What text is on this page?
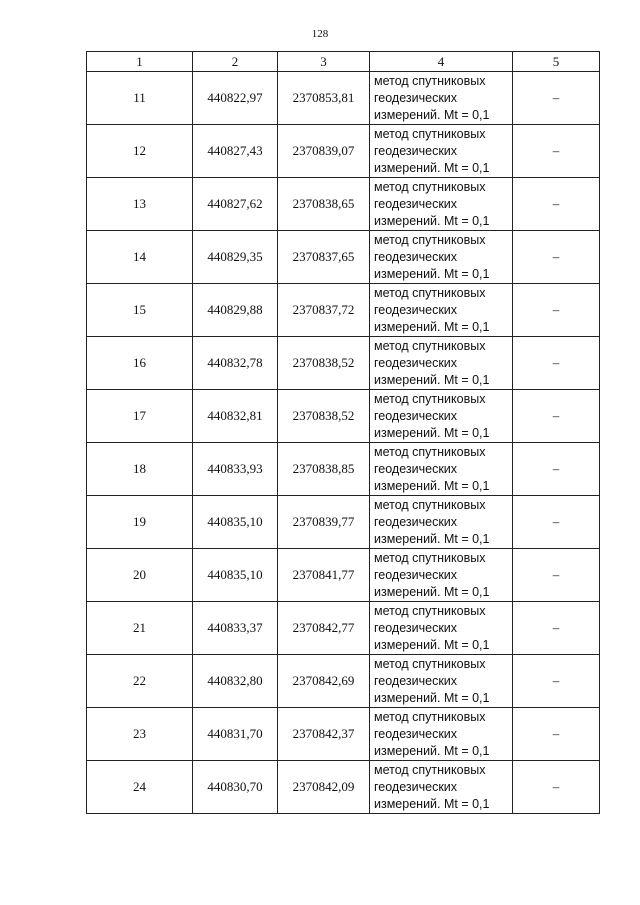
128
1	2	3	4	5
11	440822,97	2370853,81	метод спутниковых
геодезических
измерений. Mt = 0,1	–
12	440827,43	2370839,07	метод спутниковых
геодезических
измерений. Mt = 0,1	–
13	440827,62	2370838,65	метод спутниковых
геодезических
измерений. Mt = 0,1	–
14	440829,35	2370837,65	метод спутниковых
геодезических
измерений. Mt = 0,1	–
15	440829,88	2370837,72	метод спутниковых
геодезических
измерений. Mt = 0,1	–
16	440832,78	2370838,52	метод спутниковых
геодезических
измерений. Mt = 0,1	–
17	440832,81	2370838,52	метод спутниковых
геодезических
измерений. Mt = 0,1	–
18	440833,93	2370838,85	метод спутниковых
геодезических
измерений. Mt = 0,1	–
19	440835,10	2370839,77	метод спутниковых
геодезических
измерений. Mt = 0,1	–
20	440835,10	2370841,77	метод спутниковых
геодезических
измерений. Mt = 0,1	–
21	440833,37	2370842,77	метод спутниковых
геодезических
измерений. Mt = 0,1	–
22	440832,80	2370842,69	метод спутниковых
геодезических
измерений. Mt = 0,1	–
23	440831,70	2370842,37	метод спутниковых
геодезических
измерений. Mt = 0,1	–
24	440830,70	2370842,09	метод спутниковых
геодезических
измерений. Mt = 0,1	–
